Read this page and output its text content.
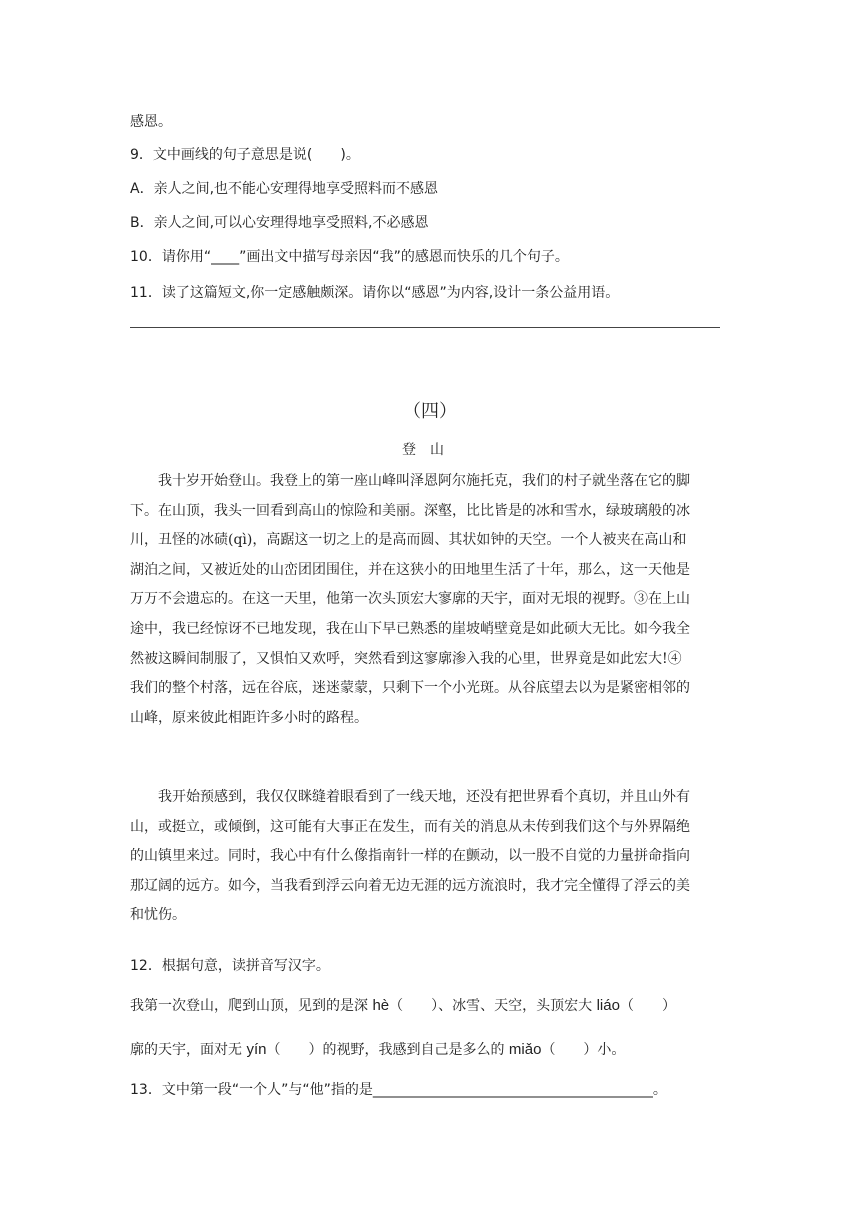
感恩。
9．文中画线的句子意思是说(　　)。
A．亲人之间,也不能心安理得地享受照料而不感恩
B．亲人之间,可以心安理得地享受照料,不必感恩
10．请你用“____”画出文中描写母亲因“我”的感恩而快乐的几个句子。
11．读了这篇短文,你一定感触颇深。请你以“感恩”为内容,设计一条公益用语。
（四）
登山
　　我十岁开始登山。我登上的第一座山峰叫泽恩阿尔施托克，我们的村子就坐落在它的脚
下。在山顶，我头一回看到高山的惊险和美丽。深壑，比比皆是的冰和雪水，绿玻璃般的冰
川，丑怪的冰碛(qì)，高踞这一切之上的是高而圆、其状如钟的天空。一个人被夹在高山和
湖泊之间，又被近处的山峦团团围住，并在这狭小的田地里生活了十年，那么，这一天他是
万万不会遗忘的。在这一天里，他第一次头顶宏大寥廓的天宇，面对无垠的视野。③在上山
途中，我已经惊讶不已地发现，我在山下早已熟悉的崖坡峭壁竟是如此硕大无比。如今我全
然被这瞬间制服了，又惧怕又欢呼，突然看到这寥廓渗入我的心里，世界竟是如此宏大!④
我们的整个村落，远在谷底，迷迷蒙蒙，只剩下一个小光斑。从谷底望去以为是紧密相邻的
山峰，原来彼此相距许多小时的路程。
　　我开始预感到，我仅仅眯缝着眼看到了一线天地，还没有把世界看个真切，并且山外有
山，或挺立，或倾倒，这可能有大事正在发生，而有关的消息从未传到我们这个与外界隔绝
的山镇里来过。同时，我心中有什么像指南针一样的在颤动，以一股不自觉的力量拼命指向
那辽阔的远方。如今，当我看到浮云向着无边无涯的远方流浪时，我才完全懂得了浮云的美
和忧伤。
12．根据句意，读拼音写汉字。
我第一次登山，爬到山顶，见到的是深 hè（　　）、冰雪、天空，头顶宏大 liáo（　　）
廓的天宇，面对无 yín（　　）的视野，我感到自己是多么的 miǎo（　　）小。
13．文中第一段“一个人”与“他”指的是________________________________________。
